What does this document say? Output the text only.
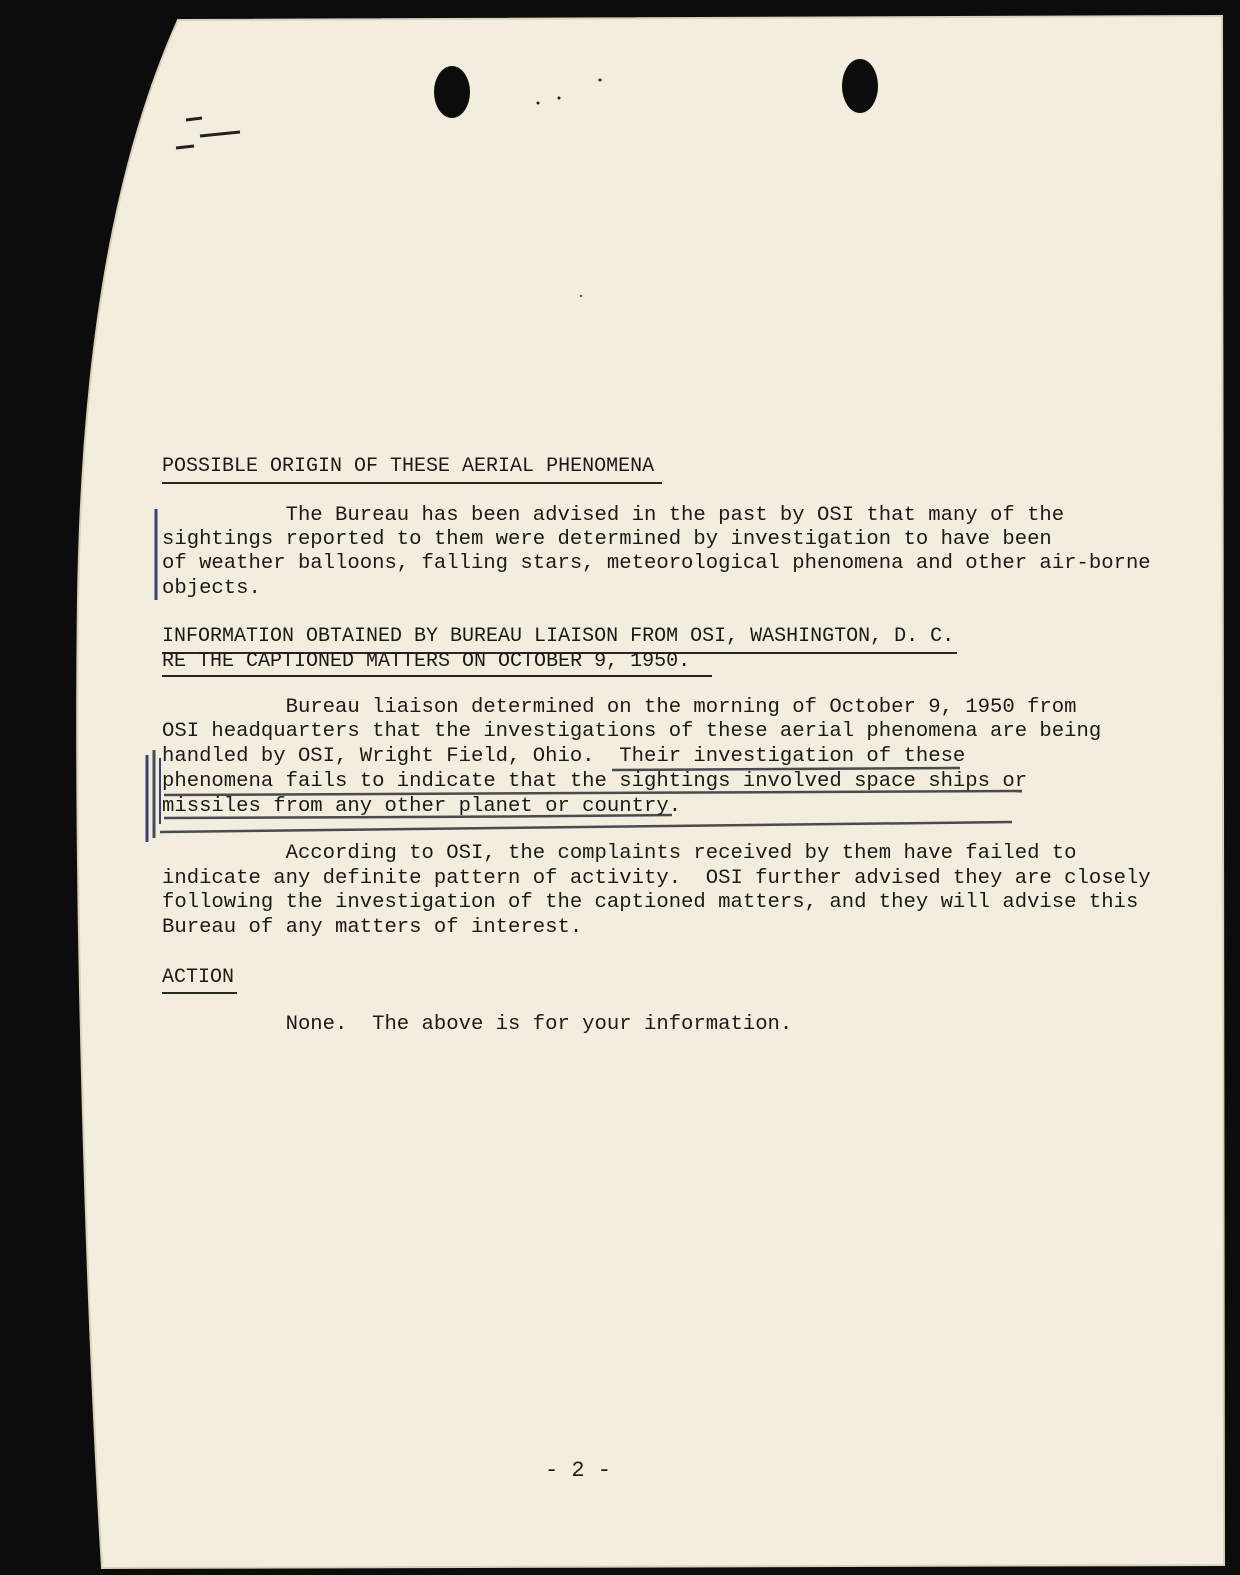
POSSIBLE ORIGIN OF THESE AERIAL PHENOMENA
The Bureau has been advised in the past by OSI that many of the
sightings reported to them were determined by investigation to have been
of weather balloons, falling stars, meteorological phenomena and other air-borne
objects.
INFORMATION OBTAINED BY BUREAU LIAISON FROM OSI, WASHINGTON, D. C.
RE THE CAPTIONED MATTERS ON OCTOBER 9, 1950.
Bureau liaison determined on the morning of October 9, 1950 from
OSI headquarters that the investigations of these aerial phenomena are being
handled by OSI, Wright Field, Ohio.  Their investigation of these
phenomena fails to indicate that the sightings involved space ships or
missiles from any other planet or country.
According to OSI, the complaints received by them have failed to
indicate any definite pattern of activity.  OSI further advised they are closely
following the investigation of the captioned matters, and they will advise this
Bureau of any matters of interest.
ACTION
None.  The above is for your information.
- 2 -
